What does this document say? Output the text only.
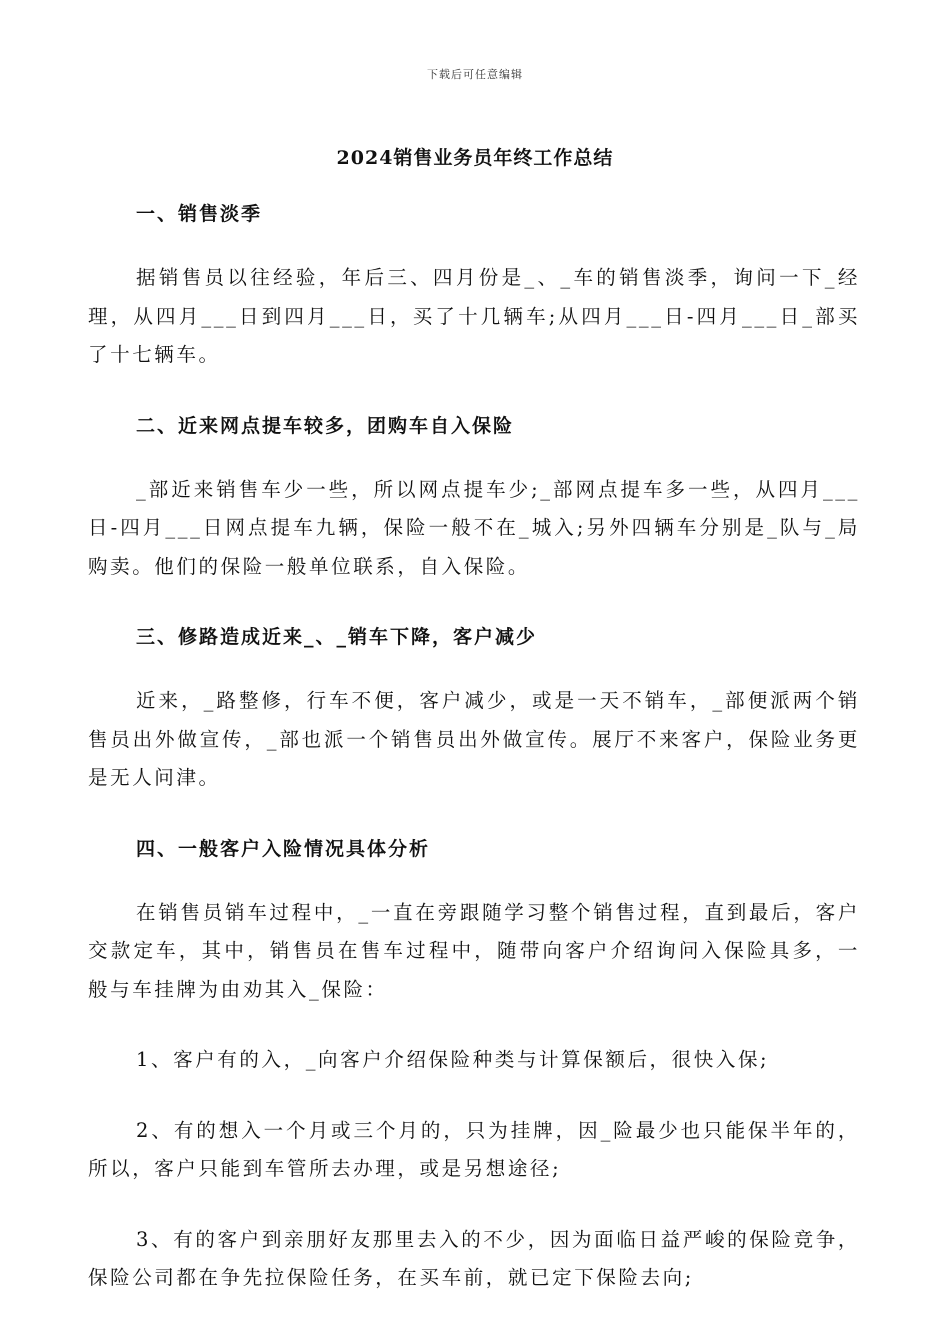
下载后可任意编辑
2024销售业务员年终工作总结
一、销售淡季

据销售员以往经验，年后三、四月份是_、_车的销售淡季，询问一下_经理，从四月___日到四月___日，买了十几辆车;从四月___日-四月___日_部买了十七辆车。

二、近来网点提车较多，团购车自入保险

_部近来销售车少一些，所以网点提车少;_部网点提车多一些，从四月___日-四月___日网点提车九辆，保险一般不在_城入;另外四辆车分别是_队与_局购卖。他们的保险一般单位联系，自入保险。

三、修路造成近来_、_销车下降，客户减少

近来，_路整修，行车不便，客户减少，或是一天不销车，_部便派两个销售员出外做宣传，_部也派一个销售员出外做宣传。展厅不来客户，保险业务更是无人问津。

四、一般客户入险情况具体分析

在销售员销车过程中，_一直在旁跟随学习整个销售过程，直到最后，客户交款定车，其中，销售员在售车过程中，随带向客户介绍询问入保险具多，一般与车挂牌为由劝其入_保险：

1、客户有的入，_向客户介绍保险种类与计算保额后，很快入保;

2、有的想入一个月或三个月的，只为挂牌，因_险最少也只能保半年的，所以，客户只能到车管所去办理，或是另想途径;

3、有的客户到亲朋好友那里去入的不少，因为面临日益严峻的保险竞争，保险公司都在争先拉保险任务，在买车前，就已定下保险去向;
